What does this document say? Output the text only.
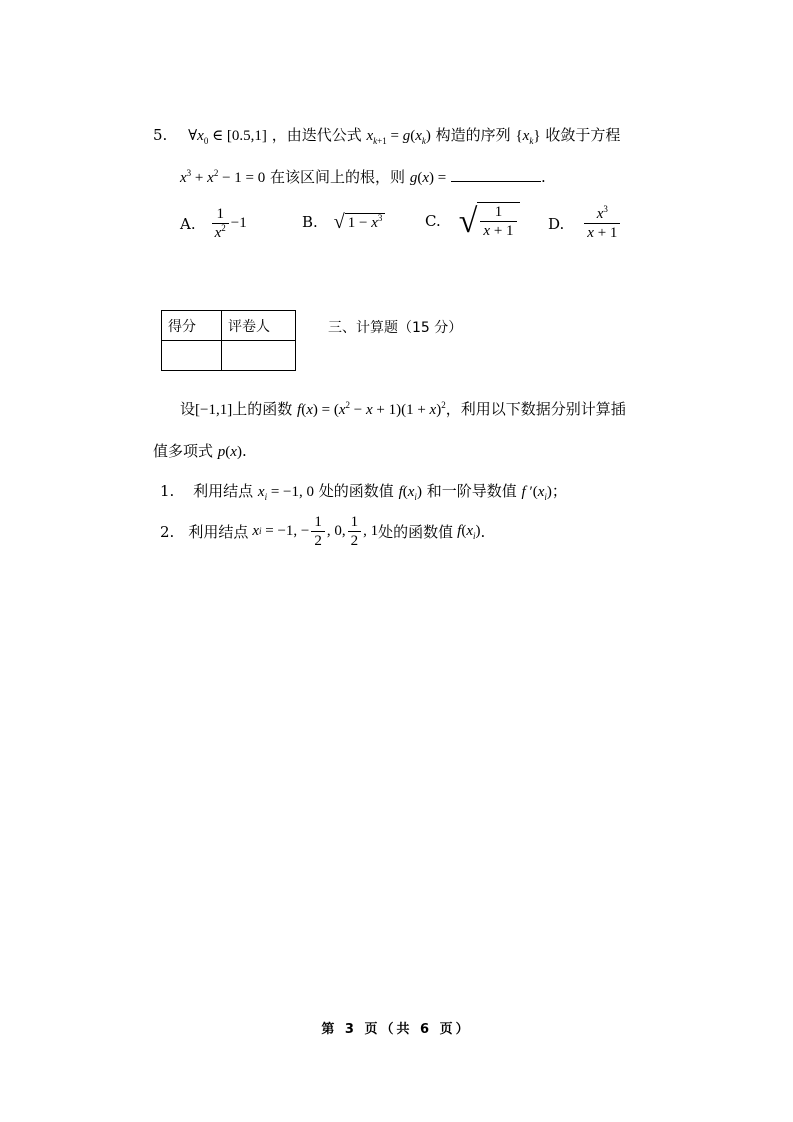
5. $\forall x_0$ ∈ [0.5,1] ，由迭代公式 $x_{k+1} = g(x_k)$ 构造的序列 $\{x_k\}$ 收敛于方程
$x^3 + x^2 - 1 = 0$ 在该区间上的根，则 g(x) =	.
A. $\frac{1}{x^2} -1$	B. √ $1 - x^3$	C. √ $\frac{1}{x + 1} D$. $\frac{x^3}{x + 1}$
得分	评卷人
		三、计算题（15 分）
设[−1,1]上的函数 $f(x) = (x^2 - x + 1)(1 + x)^2$，利用以下数据分别计算插
值多项式 p(x).
1. 利用结点 $x_i = -1$, 0 处的函数值 $f(x_i)$ 和一阶导数值 f $'(x_i)$；
2. 利用结点 x i = −1, − $\frac{1}{2}$ , 0, $\frac{1}{2}$ , 1 处的函数值 $f(x_i)$ .
第 3 页（共 6 页）
